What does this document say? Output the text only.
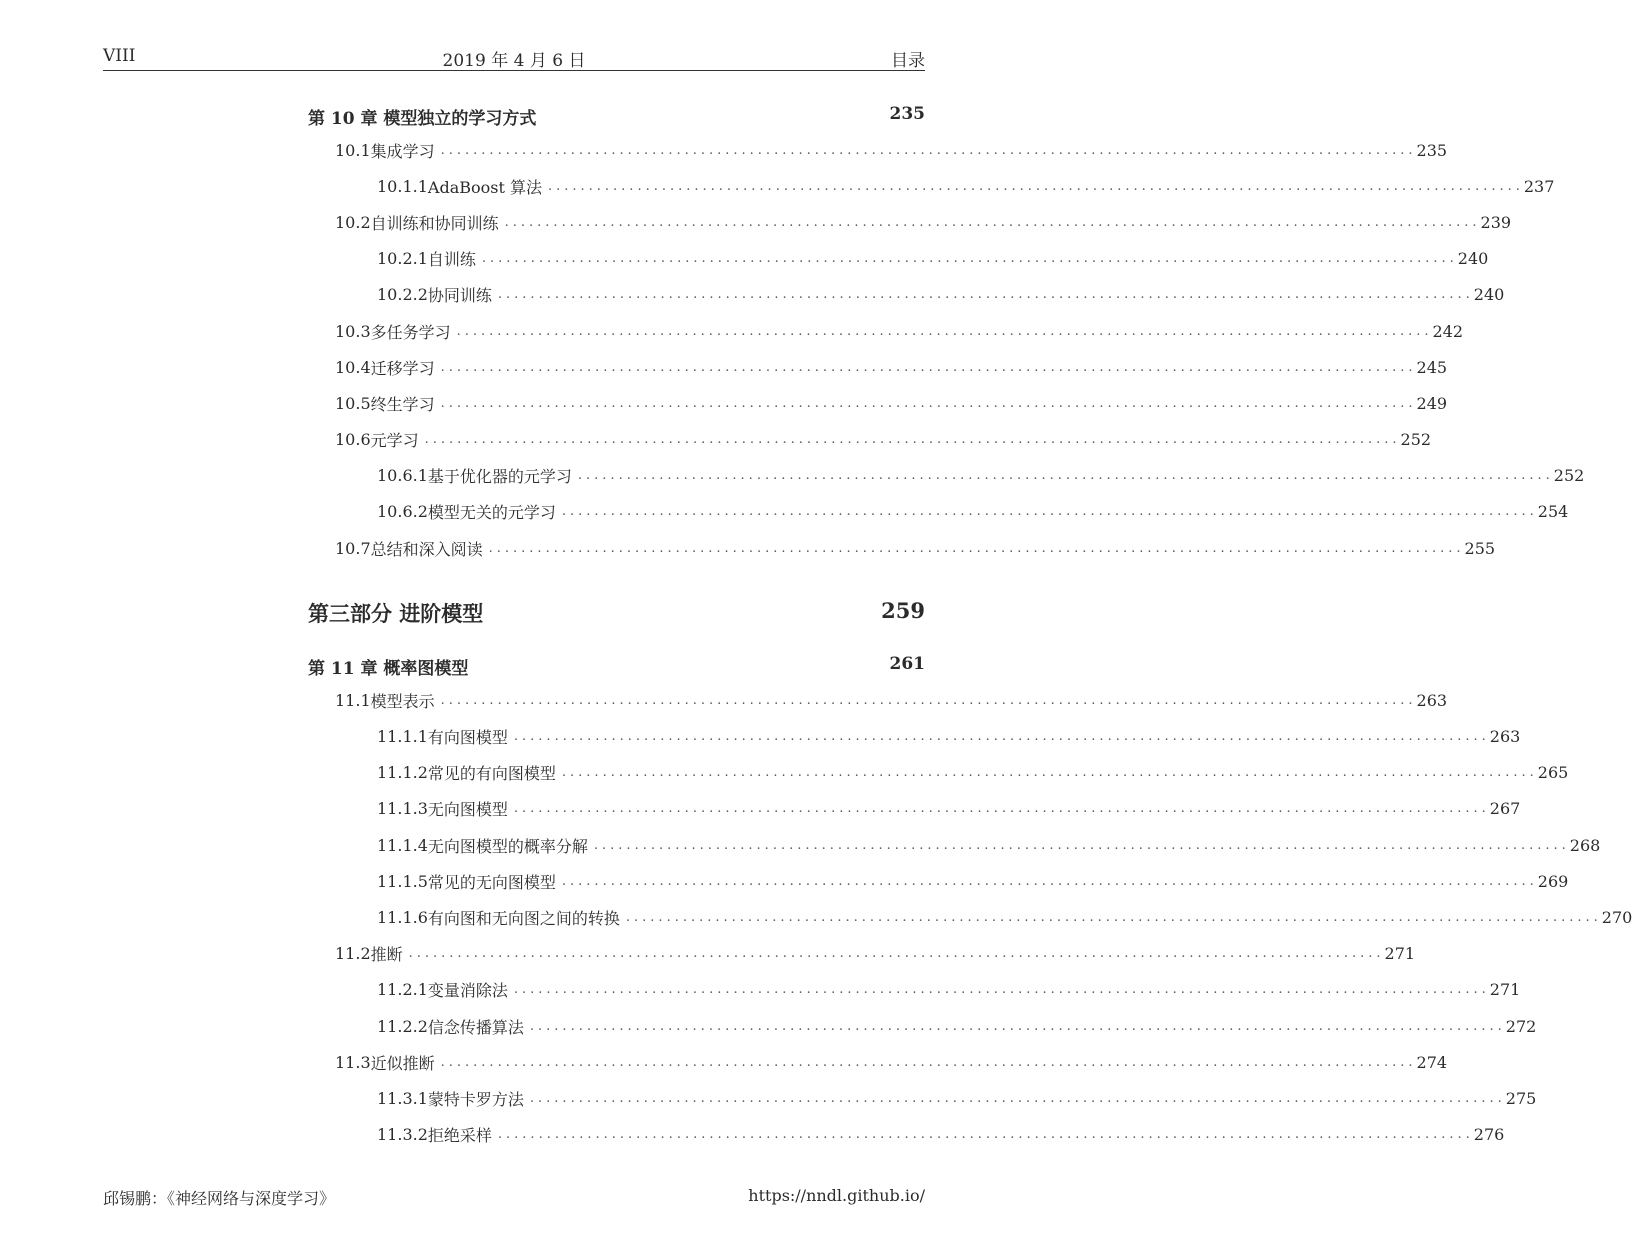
VIII	2019 年 4 月 6 日	目录
第 10 章 模型独立的学习方式	235
10.1 集成学习 ........................................................................................................................ 235
10.1.1 AdaBoost 算法 ........................................................................................................................ 237
10.2 自训练和协同训练 ........................................................................................................................ 239
10.2.1 自训练 ........................................................................................................................ 240
10.2.2 协同训练 ........................................................................................................................ 240
10.3 多任务学习 ........................................................................................................................ 242
10.4 迁移学习 ........................................................................................................................ 245
10.5 终生学习 ........................................................................................................................ 249
10.6 元学习 ........................................................................................................................ 252
10.6.1 基于优化器的元学习 ........................................................................................................................ 252
10.6.2 模型无关的元学习 ........................................................................................................................ 254
10.7 总结和深入阅读 ........................................................................................................................ 255
第三部分 进阶模型	259
第 11 章 概率图模型	261
11.1 模型表示 ........................................................................................................................ 263
11.1.1 有向图模型 ........................................................................................................................ 263
11.1.2 常见的有向图模型 ........................................................................................................................ 265
11.1.3 无向图模型 ........................................................................................................................ 267
11.1.4 无向图模型的概率分解 ........................................................................................................................ 268
11.1.5 常见的无向图模型 ........................................................................................................................ 269
11.1.6 有向图和无向图之间的转换 ........................................................................................................................ 270
11.2 推断 ........................................................................................................................ 271
11.2.1 变量消除法 ........................................................................................................................ 271
11.2.2 信念传播算法 ........................................................................................................................ 272
11.3 近似推断 ........................................................................................................................ 274
11.3.1 蒙特卡罗方法 ........................................................................................................................ 275
11.3.2 拒绝采样 ........................................................................................................................ 276
邱锡鹏：《神经网络与深度学习》	https://nndl.github.io/
